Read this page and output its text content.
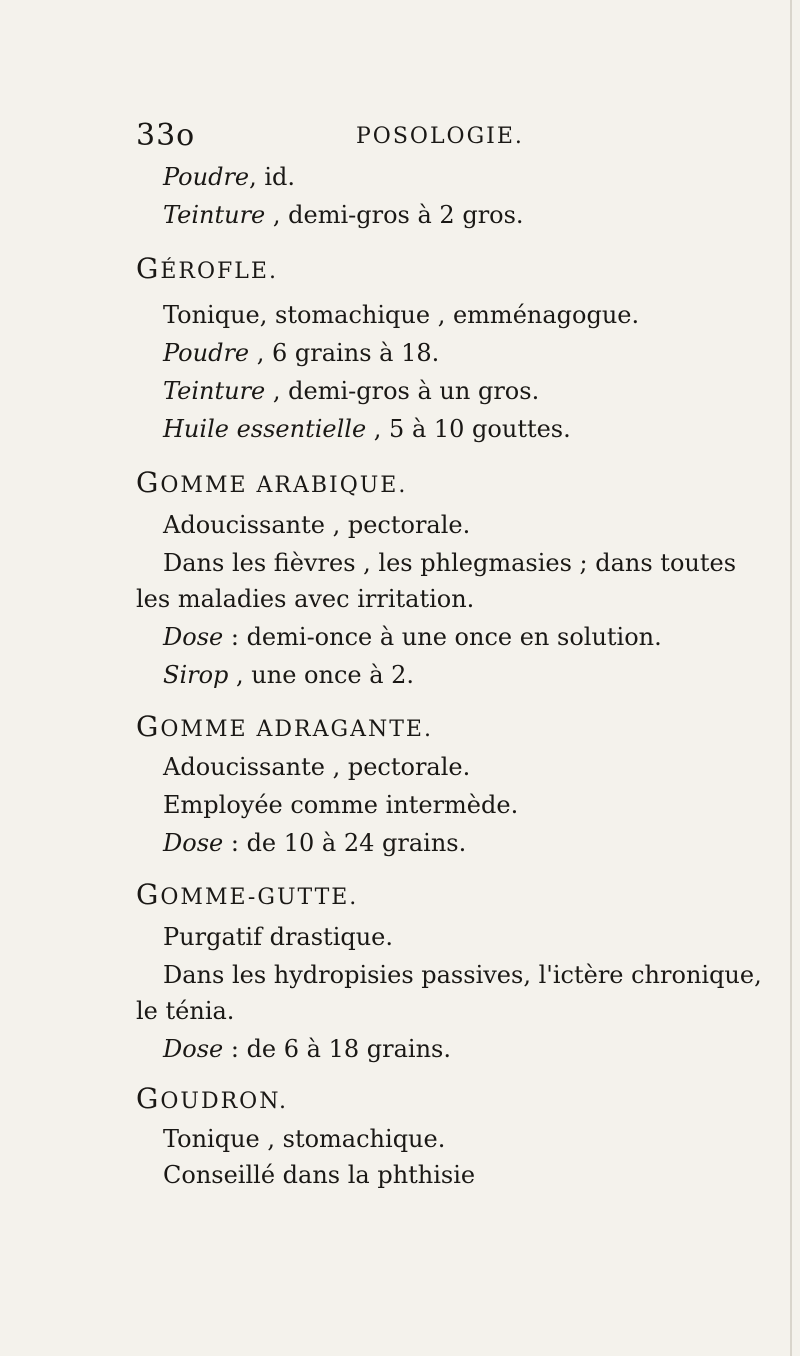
33o	POSOLOGIE.
Poudre, id.
Teinture , demi-gros à 2 gros.
GÉROFLE.
Tonique, stomachique , emménagogue.
Poudre , 6 grains à 18.
Teinture , demi-gros à un gros.
Huile essentielle , 5 à 10 gouttes.
GOMME ARABIQUE.
Adoucissante , pectorale.
Dans les fièvres , les phlegmasies ; dans toutes
les maladies avec irritation.
Dose : demi-once à une once en solution.
Sirop , une once à 2.
GOMME ADRAGANTE.
Adoucissante , pectorale.
Employée comme intermède.
Dose : de 10 à 24 grains.
GOMME-GUTTE.
Purgatif drastique.
Dans les hydropisies passives, l'ictère chronique,
le ténia.
Dose : de 6 à 18 grains.
GOUDRON.
Tonique , stomachique.
Conseillé dans la phthisie
